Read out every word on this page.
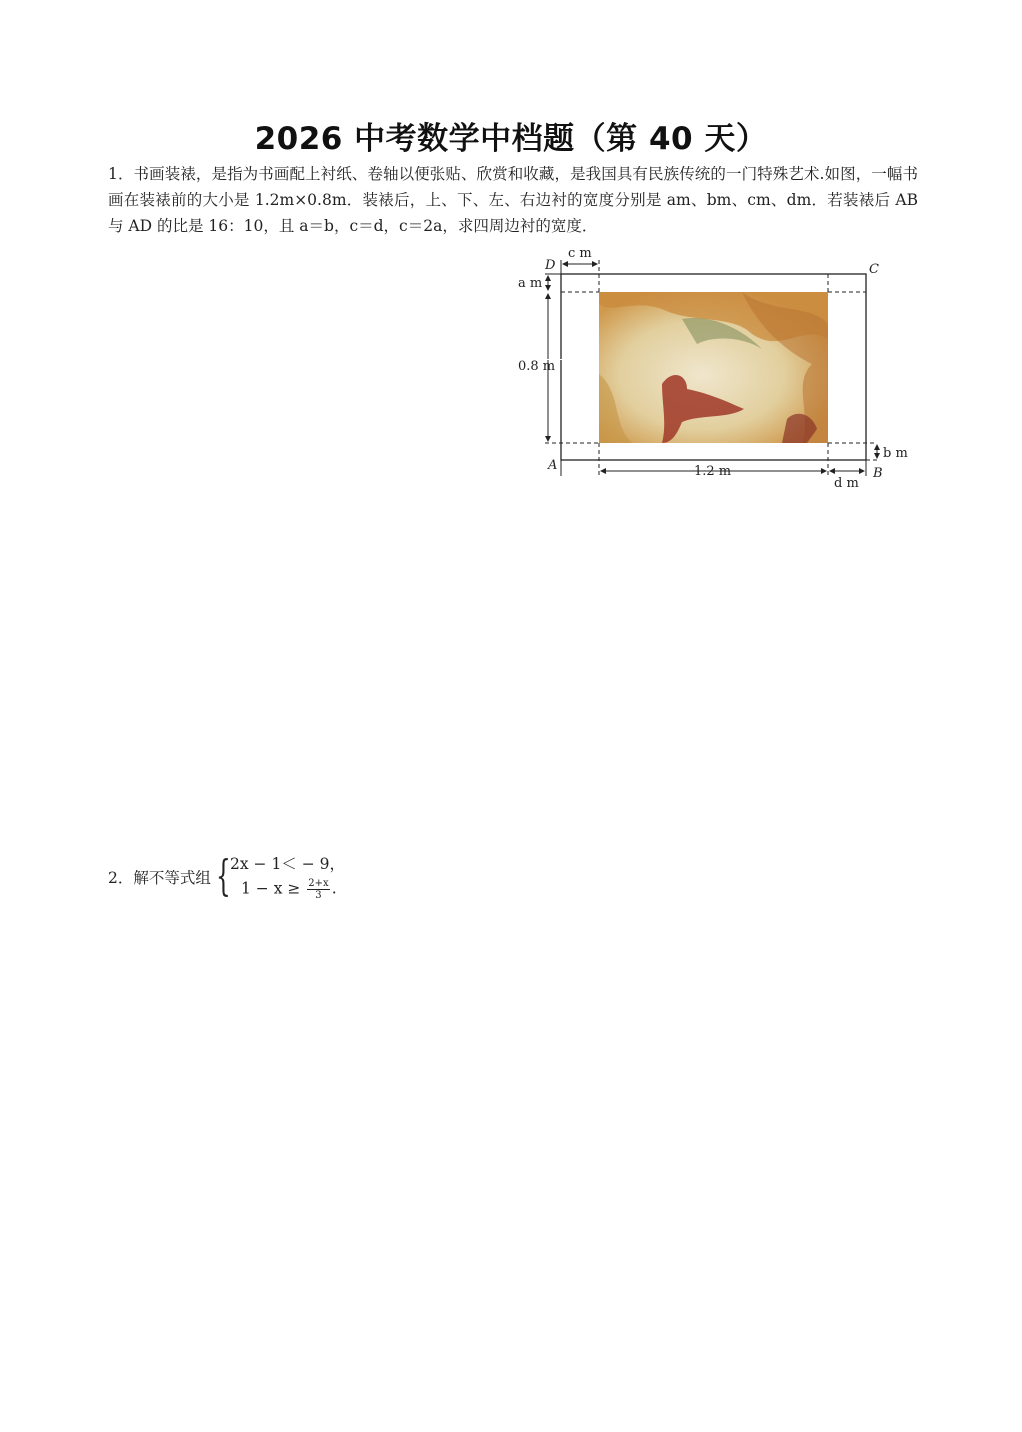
2026 中考数学中档题（第 40 天）
1．书画装裱，是指为书画配上衬纸、卷轴以便张贴、欣赏和收藏，是我国具有民族传统的一门特殊艺术.如图，一幅书画在装裱前的大小是 1.2m×0.8m．装裱后，上、下、左、右边衬的宽度分别是 am、bm、cm、dm．若装裱后 AB 与 AD 的比是 16：10，且 a＝b，c＝d，c＝2a，求四周边衬的宽度．
D	C
A
B
c m
a m
0.8 m
1.2 m
d m
b m
2．解不等式组 { 2x − 1＜ − 9，
$1 - x \ge \frac{2+x}{3}$ .
